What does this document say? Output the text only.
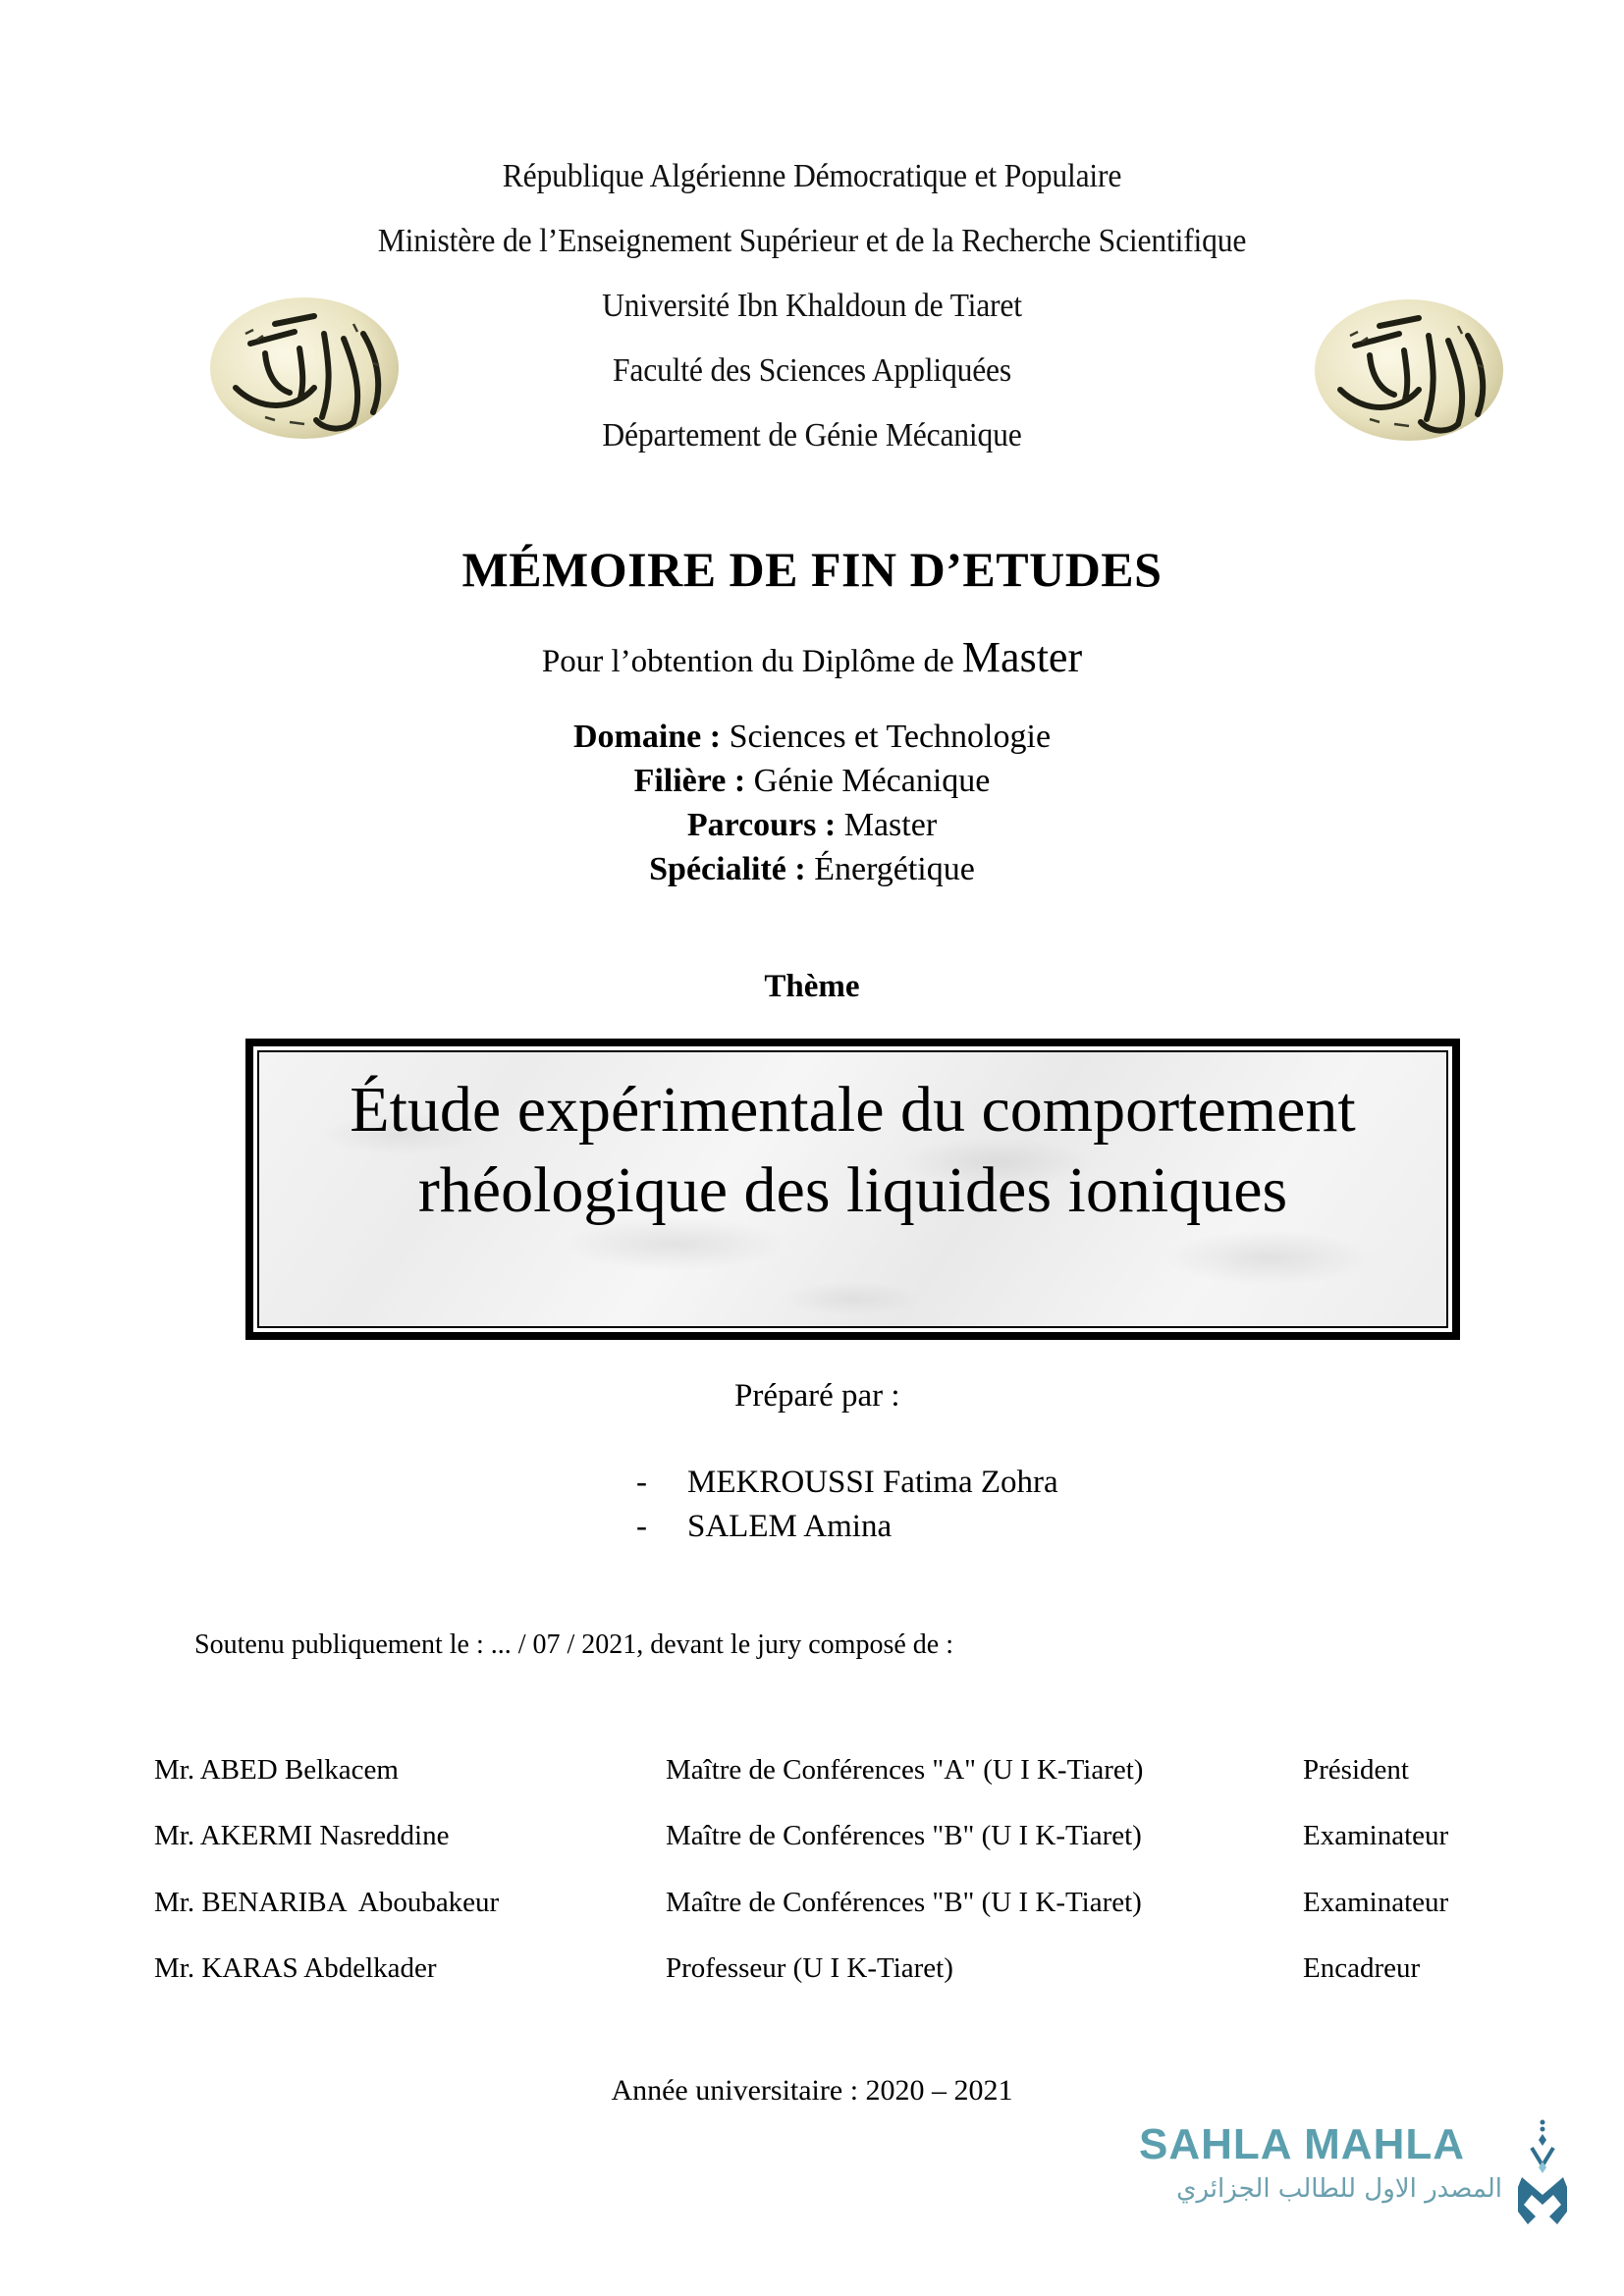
République Algérienne Démocratique et Populaire
Ministère de l’Enseignement Supérieur et de la Recherche Scientifique
Université Ibn Khaldoun de Tiaret
Faculté des Sciences Appliquées
Département de Génie Mécanique
MÉMOIRE DE FIN D’ETUDES
Pour l’obtention du Diplôme de Master
Domaine : Sciences et Technologie
Filière : Génie Mécanique
Parcours : Master
Spécialité : Énergétique
Thème
Étude expérimentale du comportement
rhéologique des liquides ioniques
Préparé par :
- MEKROUSSI Fatima Zohra
- SALEM Amina
Soutenu publiquement le : ... / 07 / 2021, devant le jury composé de :
Mr. ABED Belkacem	Maître de Conférences "A" (U I K-Tiaret)	Président
Mr. AKERMI Nasreddine	Maître de Conférences "B" (U I K-Tiaret)	Examinateur
Mr. BENARIBA  Aboubakeur	Maître de Conférences "B" (U I K-Tiaret)	Examinateur
Mr. KARAS Abdelkader	Professeur (U I K-Tiaret)	Encadreur
Année universitaire : 2020 – 2021
SAHLA MAHLA
المصدر الاول للطالب الجزائري
